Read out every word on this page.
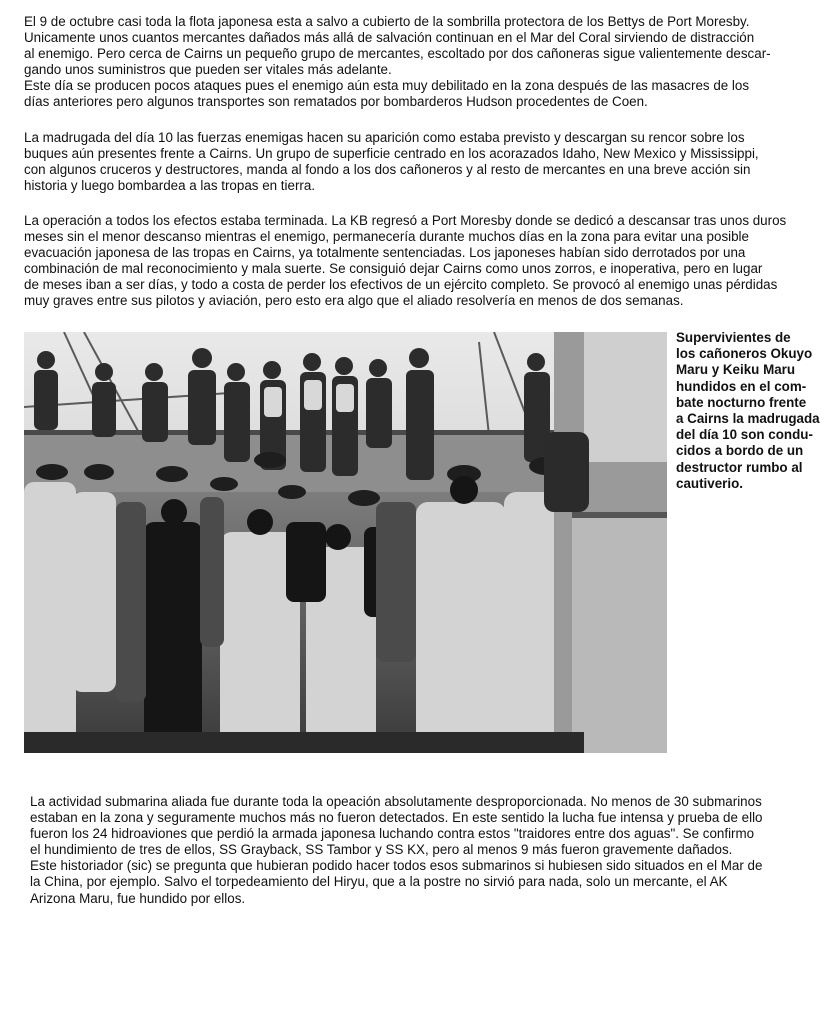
El 9 de octubre casi toda la flota japonesa esta a salvo a cubierto de la sombrilla protectora de los Bettys de Port Moresby.
Unicamente unos cuantos mercantes dañados más allá de salvación continuan en el Mar del Coral sirviendo de distracción
al enemigo. Pero cerca de Cairns un pequeño grupo de mercantes, escoltado por dos cañoneras sigue valientemente descar-
gando unos suministros que pueden ser vitales más adelante.
Este día se producen pocos ataques pues el enemigo aún esta muy debilitado en la zona después de las masacres de los
días anteriores pero algunos transportes son rematados por bombarderos Hudson procedentes de Coen.
La madrugada del día 10 las fuerzas enemigas hacen su aparición como estaba previsto y descargan su rencor sobre los
buques aún presentes frente a Cairns. Un grupo de superficie centrado en los acorazados Idaho, New Mexico y Mississippi,
con algunos cruceros y destructores, manda al fondo a los dos cañoneros y al resto de mercantes en una breve acción sin
historia y luego bombardea a las tropas en tierra.
La operación a todos los efectos estaba terminada. La KB regresó a Port Moresby donde se dedicó a descansar tras unos duros
meses sin el menor descanso mientras el enemigo, permanecería durante muchos días en la zona para evitar una posible
evacuación japonesa de las tropas en Cairns, ya totalmente sentenciadas. Los japoneses habían sido derrotados por una
combinación de mal reconocimiento y mala suerte. Se consiguió dejar Cairns como unos zorros, e inoperativa, pero en lugar
de meses iban a ser días, y todo a costa de perder los efectivos de un ejército completo. Se provocó al enemigo unas pérdidas
muy graves entre sus pilotos y aviación, pero esto era algo que el aliado resolvería en menos de dos semanas.
Supervivientes de
los cañoneros Okuyo
Maru y Keiku Maru
hundidos en el com-
bate nocturno frente
a Cairns la madrugada
del día 10 son condu-
cidos a bordo de un
destructor rumbo al
cautiverio.
La actividad submarina aliada fue durante toda la opeación absolutamente desproporcionada. No menos de 30 submarinos
estaban en la zona y seguramente muchos más no fueron detectados. En este sentido la lucha fue intensa y prueba de ello
fueron los 24 hidroaviones que perdió la armada japonesa luchando contra estos "traidores entre dos aguas". Se confirmo
el hundimiento de tres de ellos, SS Grayback, SS Tambor y SS KX, pero al menos 9 más fueron gravemente dañados.
Este historiador (sic) se pregunta que hubieran podido hacer todos esos submarinos si hubiesen sido situados en el Mar de
la China, por ejemplo. Salvo el torpedeamiento del Hiryu, que a la postre no sirvió para nada, solo un mercante, el AK
Arizona Maru, fue hundido por ellos.
